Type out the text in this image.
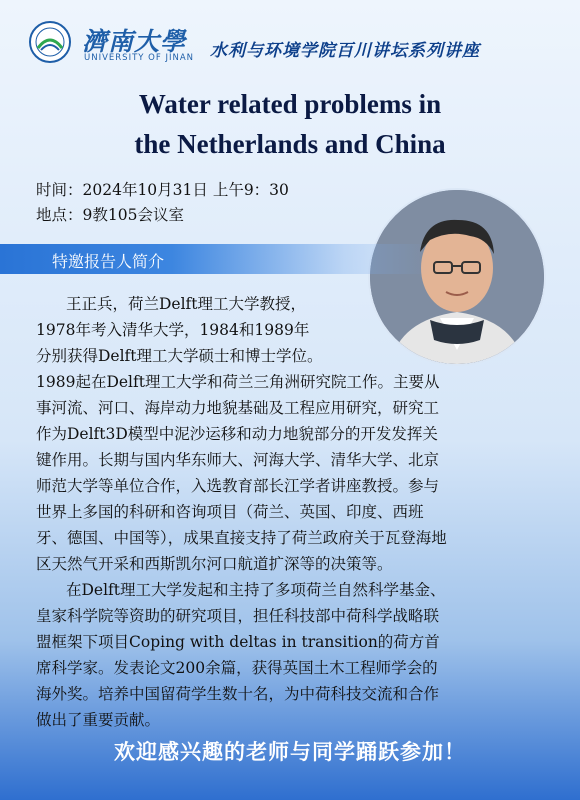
濟南大學
UNIVERSITY OF JINAN 水利与环境学院百川讲坛系列讲座
Water related problems in
the Netherlands and China
时间：2024年10月31日 上午9：30
地点：9教105会议室
特邀报告人简介
王正兵，荷兰Delft理工大学教授，
1978年考入清华大学，1984和1989年
分别获得Delft理工大学硕士和博士学位。
1989起在Delft理工大学和荷兰三角洲研究院工作。主要从
事河流、河口、海岸动力地貌基础及工程应用研究，研究工
作为Delft3D模型中泥沙运移和动力地貌部分的开发发挥关
键作用。长期与国内华东师大、河海大学、清华大学、北京
师范大学等单位合作，入选教育部长江学者讲座教授。参与
世界上多国的科研和咨询项目（荷兰、英国、印度、西班
牙、德国、中国等），成果直接支持了荷兰政府关于瓦登海地
区天然气开采和西斯凯尔河口航道扩深等的决策等。
在Delft理工大学发起和主持了多项荷兰自然科学基金、
皇家科学院等资助的研究项目，担任科技部中荷科学战略联
盟框架下项目Coping with deltas in transition的荷方首
席科学家。发表论文200余篇，获得英国土木工程师学会的
海外奖。培养中国留荷学生数十名，为中荷科技交流和合作
做出了重要贡献。
欢迎感兴趣的老师与同学踊跃参加！
